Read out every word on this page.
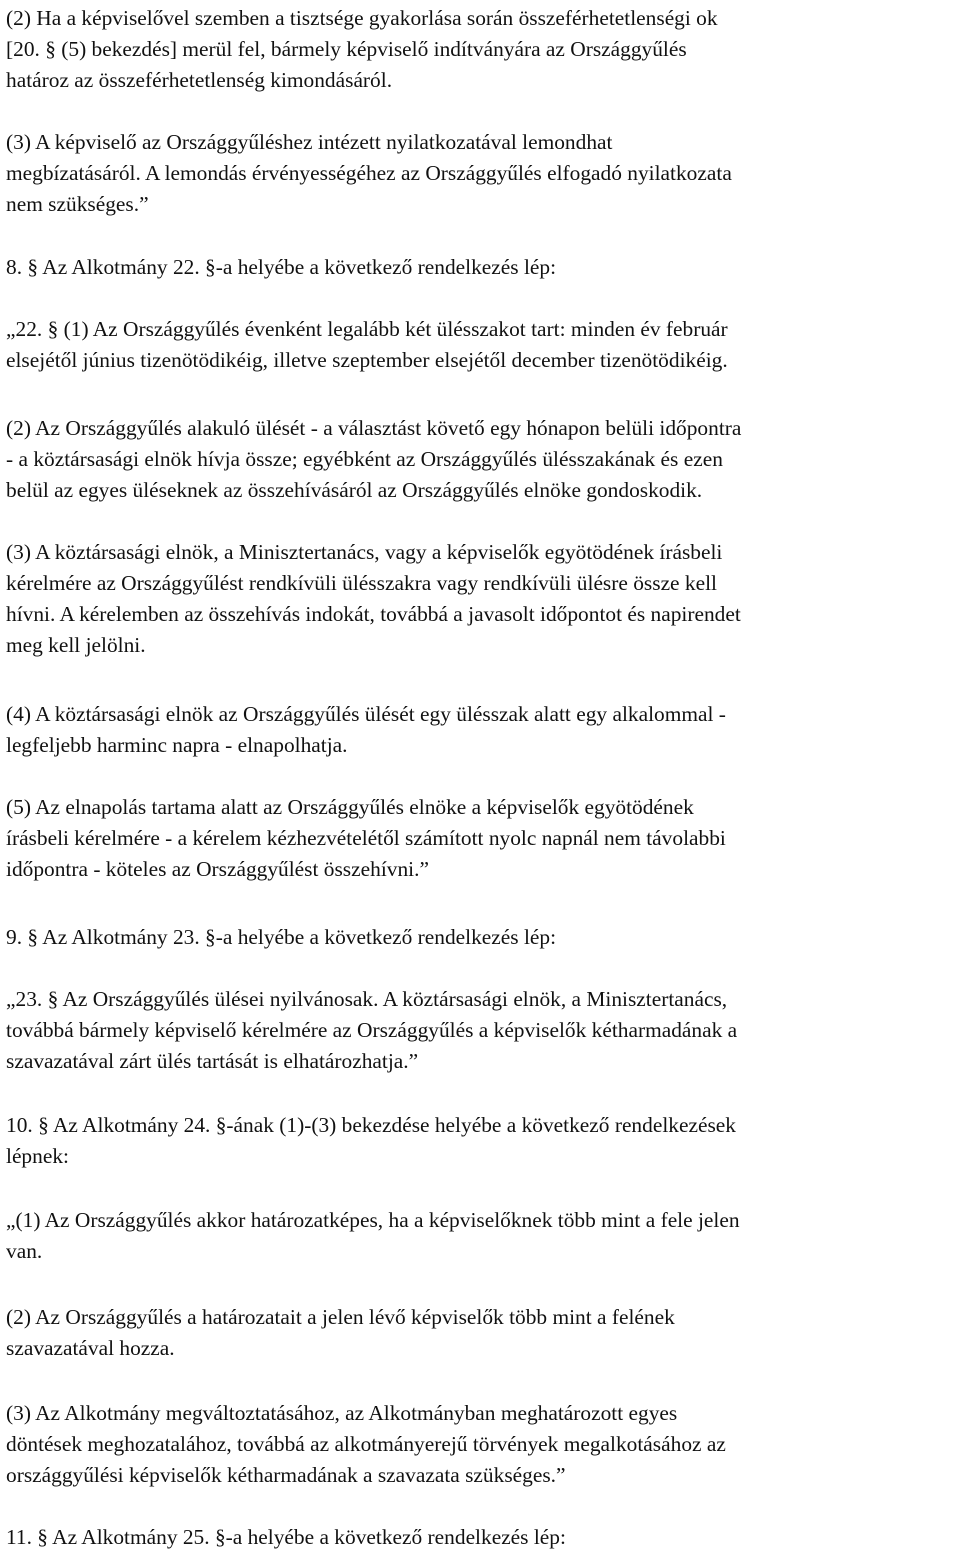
(2) Ha a képviselővel szemben a tisztsége gyakorlása során összeférhetetlenségi ok

[20. § (5) bekezdés] merül fel, bármely képviselő indítványára az Országgyűlés

határoz az összeférhetetlenség kimondásáról.

(3) A képviselő az Országgyűléshez intézett nyilatkozatával lemondhat

megbízatásáról. A lemondás érvényességéhez az Országgyűlés elfogadó nyilatkozata

nem szükséges.”

8. § Az Alkotmány 22. §-a helyébe a következő rendelkezés lép:

„22. § (1) Az Országgyűlés évenként legalább két ülésszakot tart: minden év február

elsejétől június tizenötödikéig, illetve szeptember elsejétől december tizenötödikéig.

(2) Az Országgyűlés alakuló ülését - a választást követő egy hónapon belüli időpontra

- a köztársasági elnök hívja össze; egyébként az Országgyűlés ülésszakának és ezen

belül az egyes üléseknek az összehívásáról az Országgyűlés elnöke gondoskodik.

(3) A köztársasági elnök, a Minisztertanács, vagy a képviselők egyötödének írásbeli

kérelmére az Országgyűlést rendkívüli ülésszakra vagy rendkívüli ülésre össze kell

hívni. A kérelemben az összehívás indokát, továbbá a javasolt időpontot és napirendet

meg kell jelölni.

(4) A köztársasági elnök az Országgyűlés ülését egy ülésszak alatt egy alkalommal -

legfeljebb harminc napra - elnapolhatja.

(5) Az elnapolás tartama alatt az Országgyűlés elnöke a képviselők egyötödének

írásbeli kérelmére - a kérelem kézhezvételétől számított nyolc napnál nem távolabbi

időpontra - köteles az Országgyűlést összehívni.”

9. § Az Alkotmány 23. §-a helyébe a következő rendelkezés lép:

„23. § Az Országgyűlés ülései nyilvánosak. A köztársasági elnök, a Minisztertanács,

továbbá bármely képviselő kérelmére az Országgyűlés a képviselők kétharmadának a

szavazatával zárt ülés tartását is elhatározhatja.”

10. § Az Alkotmány 24. §-ának (1)-(3) bekezdése helyébe a következő rendelkezések

lépnek:

„(1) Az Országgyűlés akkor határozatképes, ha a képviselőknek több mint a fele jelen

van.

(2) Az Országgyűlés a határozatait a jelen lévő képviselők több mint a felének

szavazatával hozza.

(3) Az Alkotmány megváltoztatásához, az Alkotmányban meghatározott egyes

döntések meghozatalához, továbbá az alkotmányerejű törvények megalkotásához az

országgyűlési képviselők kétharmadának a szavazata szükséges.”

11. § Az Alkotmány 25. §-a helyébe a következő rendelkezés lép:
